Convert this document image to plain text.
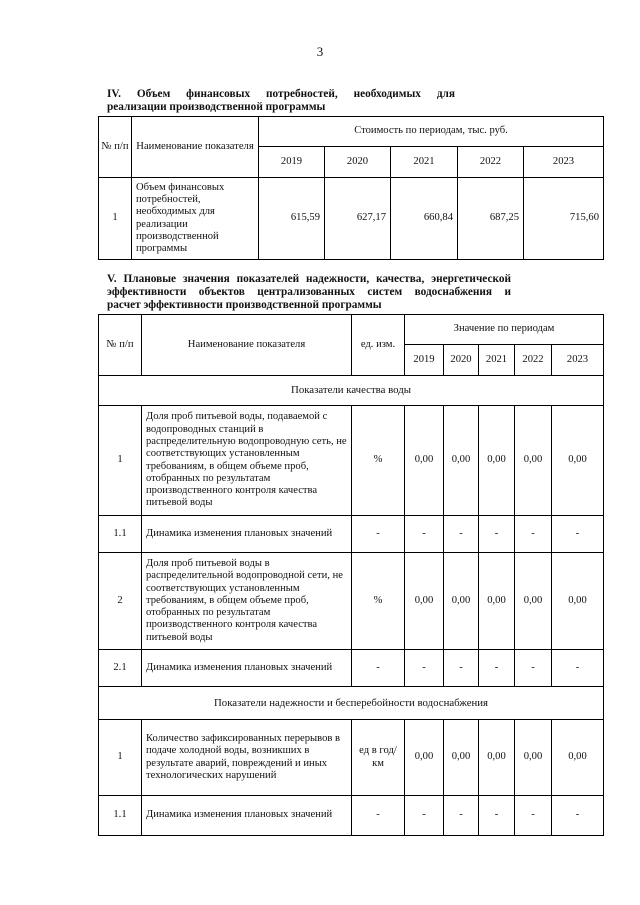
3
IV. Объем финансовых потребностей, необходимых для
реализации производственной программы
№ п/п	Наименование показателя	Стоимость по периодам, тыс. руб.				
		2019	2020	2021	2022	2023
1	Объем финансовых потребностей, необходимых для реализации производственной программы	615,59	627,17	660,84	687,25	715,60
V. Плановые значения показателей надежности, качества, энергетической
эффективности объектов централизованных систем водоснабжения и
расчет эффективности производственной программы
№ п/п	Наименование показателя	ед. изм.	Значение по периодам				
			2019	2020	2021	2022	2023
Показатели качества воды							
1	Доля проб питьевой воды, подаваемой с водопроводных станций в распределительную водопроводную сеть, не соответствующих установленным требованиям, в общем объеме проб, отобранных по результатам производственного контроля качества питьевой воды	%	0,00	0,00	0,00	0,00	0,00
1.1	Динамика изменения плановых значений	-	-	-	-	-	-
2	Доля проб питьевой воды в распределительной водопроводной сети, не соответствующих установленным требованиям, в общем объеме проб, отобранных по результатам производственного контроля качества питьевой воды	%	0,00	0,00	0,00	0,00	0,00
2.1	Динамика изменения плановых значений	-	-	-	-	-	-
Показатели надежности и бесперебойности водоснабжения							
1	Количество зафиксированных перерывов в подаче холодной воды, возникших в результате аварий, повреждений и иных технологических нарушений	ед в год/ км	0,00	0,00	0,00	0,00	0,00
1.1	Динамика изменения плановых значений	-	-	-	-	-	-
